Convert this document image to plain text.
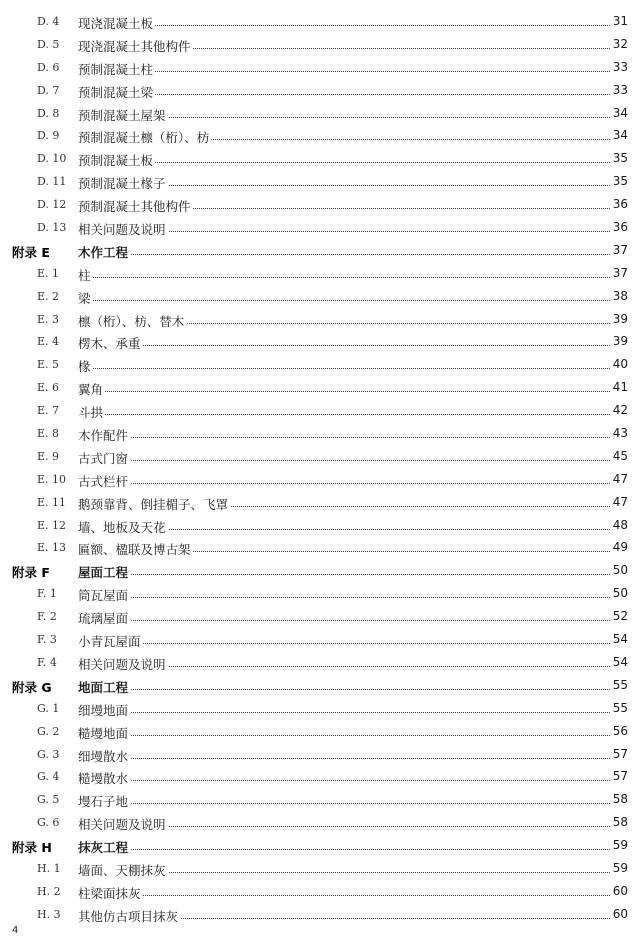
D. 4 现浇混凝土板	31
D. 5 现浇混凝土其他构件	32
D. 6 预制混凝土柱	33
D. 7 预制混凝土梁	33
D. 8 预制混凝土屋架	34
D. 9 预制混凝土檩（桁）、枋	34
D. 10 预制混凝土板	35
D. 11 预制混凝土椽子	35
D. 12 预制混凝土其他构件	36
D. 13 相关问题及说明	36
附录 E 木作工程	37
E. 1 柱	37
E. 2 梁	38
E. 3 檩（桁）、枋、替木	39
E. 4 楞木、承重	39
E. 5 椽	40
E. 6 翼角	41
E. 7 斗拱	42
E. 8 木作配件	43
E. 9 古式门窗	45
E. 10 古式栏杆	47
E. 11 鹅颈靠背、倒挂楣子、飞罩	47
E. 12 墙、地板及天花	48
E. 13 匾额、楹联及博古架	49
附录 F 屋面工程	50
F. 1 筒瓦屋面	50
F. 2 琉璃屋面	52
F. 3 小青瓦屋面	54
F. 4 相关问题及说明	54
附录 G 地面工程	55
G. 1 细墁地面	55
G. 2 糙墁地面	56
G. 3 细墁散水	57
G. 4 糙墁散水	57
G. 5 墁石子地	58
G. 6 相关问题及说明	58
附录 H 抹灰工程	59
H. 1 墙面、天棚抹灰	59
H. 2 柱梁面抹灰	60
H. 3 其他仿古项目抹灰	60
4
